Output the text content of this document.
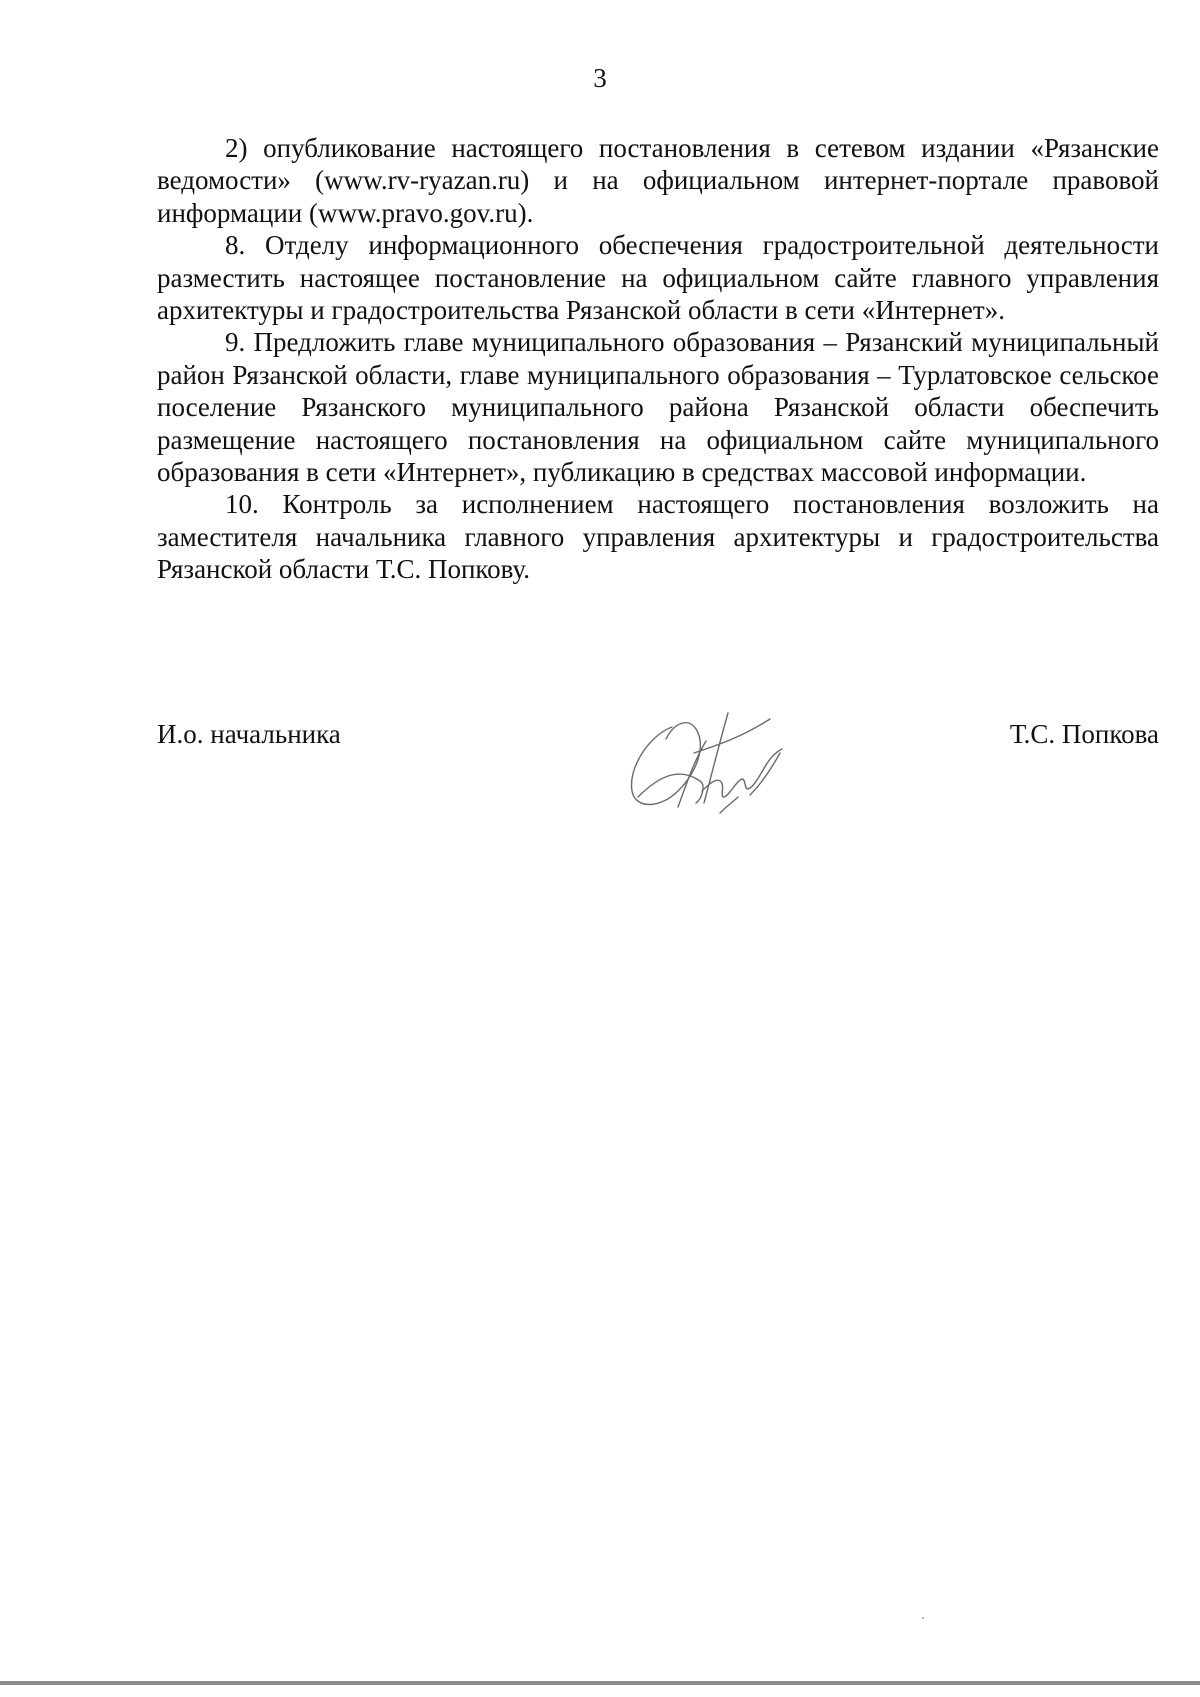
3

2) опубликование настоящего постановления в сетевом издании «Рязанские ведомости» (www.rv-ryazan.ru) и на официальном интернет-портале правовой информации (www.pravo.gov.ru).

8. Отделу информационного обеспечения градостроительной деятельности разместить настоящее постановление на официальном сайте главного управления архитектуры и градостроительства Рязанской области в сети «Интернет».

9. Предложить главе муниципального образования – Рязанский муниципальный район Рязанской области, главе муниципального образования – Турлатовское сельское поселение Рязанского муниципального района Рязанской области обеспечить размещение настоящего постановления на официальном сайте муниципального образования в сети «Интернет», публикацию в средствах массовой информации.

10. Контроль за исполнением настоящего постановления возложить на заместителя начальника главного управления архитектуры и градостроительства Рязанской области Т.С. Попкову.

И.о. начальника	Т.С. Попкова
